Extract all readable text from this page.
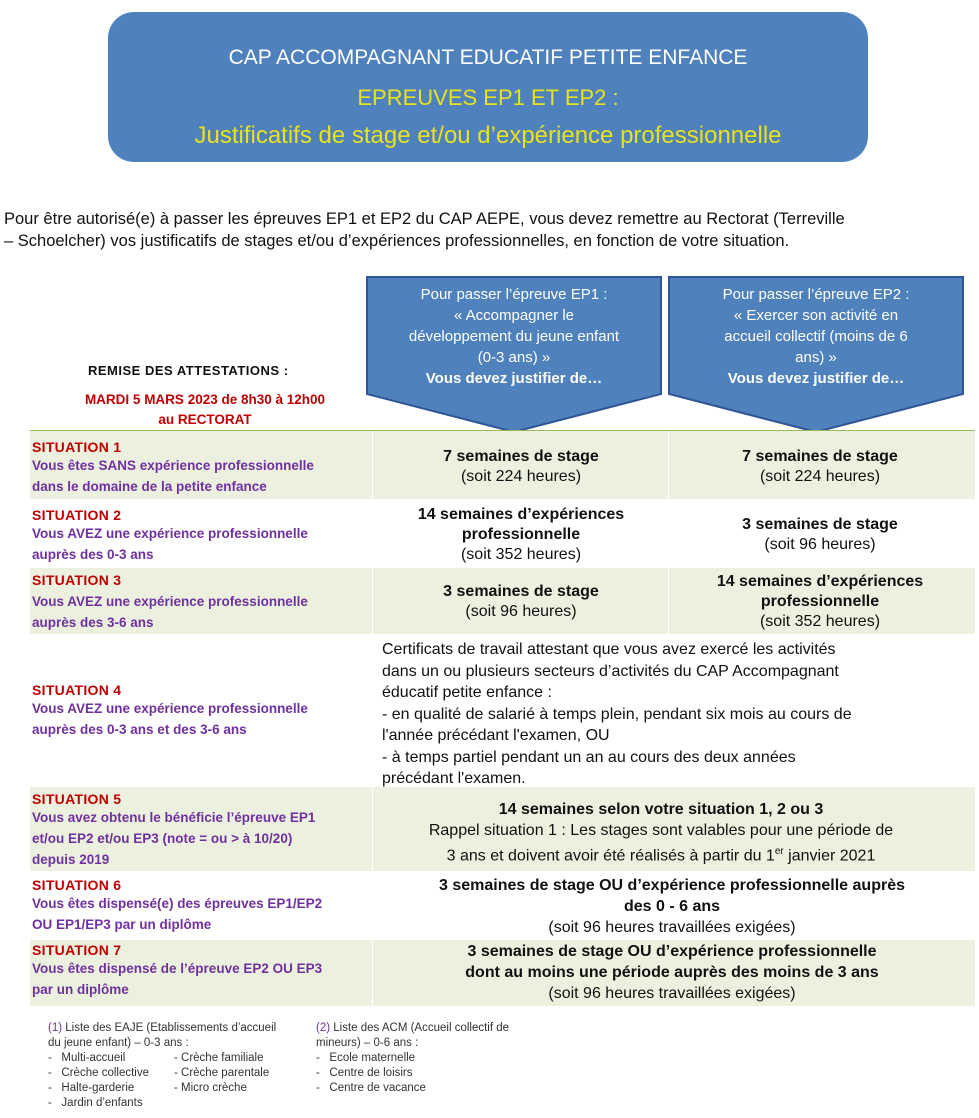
CAP ACCOMPAGNANT EDUCATIF PETITE ENFANCE
EPREUVES EP1 ET EP2 :
Justificatifs de stage et/ou d’expérience professionnelle
Pour être autorisé(e) à passer les épreuves EP1 et EP2 du CAP AEPE, vous devez remettre au Rectorat (Terreville
– Schoelcher) vos justificatifs de stages et/ou d’expériences professionnelles, en fonction de votre situation.
REMISE DES ATTESTATIONS :
MARDI 5 MARS 2023 de 8h30 à 12h00
au RECTORAT
Pour passer l’épreuve EP1 :
« Accompagner le
développement du jeune enfant
(0-3 ans) »
Vous devez justifier de…
Pour passer l’épreuve EP2 :
« Exercer son activité en
accueil collectif (moins de 6
ans) »
Vous devez justifier de…
SITUATION 1
Vous êtes SANS expérience professionnelle
dans le domaine de la petite enfance
7 semaines de stage
(soit 224 heures)
7 semaines de stage
(soit 224 heures)
SITUATION 2
Vous AVEZ une expérience professionnelle
auprès des 0-3 ans
14 semaines d’expériences
professionnelle
(soit 352 heures)
3 semaines de stage
(soit 96 heures)
SITUATION 3
Vous AVEZ une expérience professionnelle
auprès des 3-6 ans
3 semaines de stage
(soit 96 heures)
14 semaines d’expériences
professionnelle
(soit 352 heures)
SITUATION 4
Vous AVEZ une expérience professionnelle
auprès des 0-3 ans et des 3-6 ans
Certificats de travail attestant que vous avez exercé les activités
dans un ou plusieurs secteurs d’activités du CAP Accompagnant
éducatif petite enfance :
- en qualité de salarié à temps plein, pendant six mois au cours de
l'année précédant l'examen, OU
- à temps partiel pendant un an au cours des deux années
précédant l'examen.
SITUATION 5
Vous avez obtenu le bénéficie l’épreuve EP1
et/ou EP2 et/ou EP3 (note = ou > à 10/20)
depuis 2019
14 semaines selon votre situation 1, 2 ou 3
Rappel situation 1 : Les stages sont valables pour une période de
3 ans et doivent avoir été réalisés à partir du 1er janvier 2021
SITUATION 6
Vous êtes dispensé(e) des épreuves EP1/EP2
OU EP1/EP3 par un diplôme
3 semaines de stage OU d’expérience professionnelle auprès
des 0 - 6 ans
(soit 96 heures travaillées exigées)
SITUATION 7
Vous êtes dispensé de l’épreuve EP2 OU EP3
par un diplôme
3 semaines de stage OU d’expérience professionnelle
dont au moins une période auprès des moins de 3 ans
(soit 96 heures travaillées exigées)
(1) Liste des EAJE (Etablissements d’accueil
du jeune enfant) – 0-3 ans :
-   Multi-accueil
-   Crèche collective
-   Halte-garderie
-   Jardin d’enfants
- Crèche familiale
- Crèche parentale
- Micro crèche
(2) Liste des ACM (Accueil collectif de
mineurs) – 0-6 ans :
-   Ecole maternelle
-   Centre de loisirs
-   Centre de vacance
